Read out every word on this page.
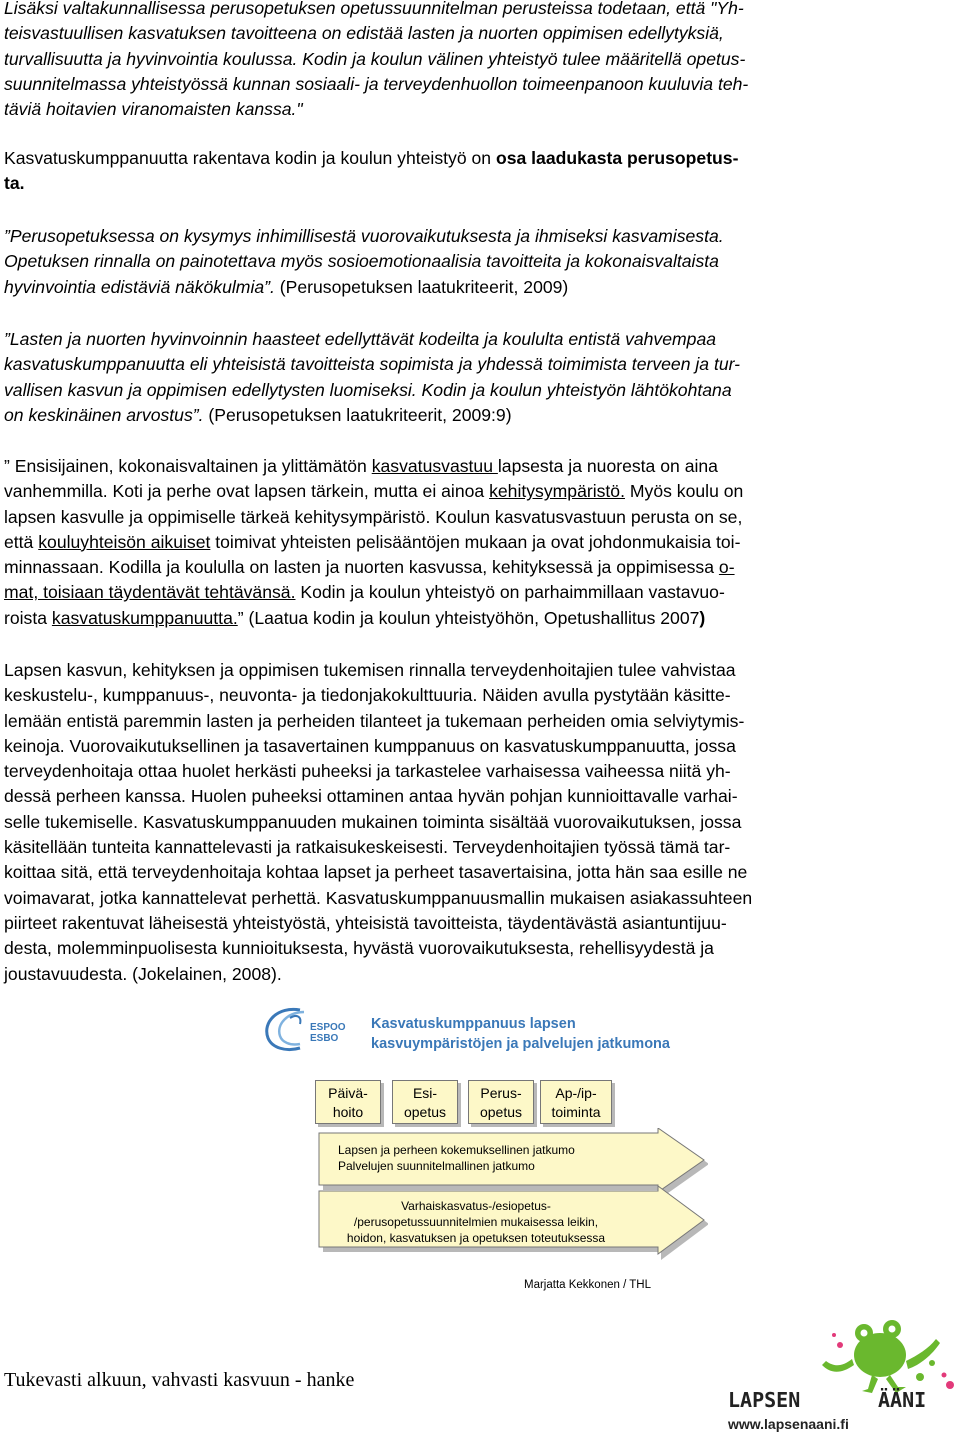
Lisäksi valtakunnallisessa perusopetuksen opetussuunnitelman perusteissa todetaan, että "Yh-
teisvastuullisen kasvatuksen tavoitteena on edistää lasten ja nuorten oppimisen edellytyksiä,
turvallisuutta ja hyvinvointia koulussa. Kodin ja koulun välinen yhteistyö tulee määritellä opetus-
suunnitelmassa yhteistyössä kunnan sosiaali- ja terveydenhuollon toimeenpanoon kuuluvia teh-
täviä hoitavien viranomaisten kanssa."
Kasvatuskumppanuutta rakentava kodin ja koulun yhteistyö on osa laadukasta perusopetus-
ta.
”Perusopetuksessa on kysymys inhimillisestä vuorovaikutuksesta ja ihmiseksi kasvamisesta.
Opetuksen rinnalla on painotettava myös sosioemotionaalisia tavoitteita ja kokonaisvaltaista
hyvinvointia edistäviä näkökulmia”. (Perusopetuksen laatukriteerit, 2009)
”Lasten ja nuorten hyvinvoinnin haasteet edellyttävät kodeilta ja koululta entistä vahvempaa
kasvatuskumppanuutta eli yhteisistä tavoitteista sopimista ja yhdessä toimimista terveen ja tur-
vallisen kasvun ja oppimisen edellytysten luomiseksi. Kodin ja koulun yhteistyön lähtökohtana
on keskinäinen arvostus”. (Perusopetuksen laatukriteerit, 2009:9)
” Ensisijainen, kokonaisvaltainen ja ylittämätön kasvatusvastuu lapsesta ja nuoresta on aina
vanhemmilla. Koti ja perhe ovat lapsen tärkein, mutta ei ainoa kehitysympäristö. Myös koulu on
lapsen kasvulle ja oppimiselle tärkeä kehitysympäristö. Koulun kasvatusvastuun perusta on se,
että kouluyhteisön aikuiset toimivat yhteisten pelisääntöjen mukaan ja ovat johdonmukaisia toi-
minnassaan. Kodilla ja koululla on lasten ja nuorten kasvussa, kehityksessä ja oppimisessa o-
mat, toisiaan täydentävät tehtävänsä. Kodin ja koulun yhteistyö on parhaimmillaan vastavuo-
roista kasvatuskumppanuutta.” (Laatua kodin ja koulun yhteistyöhön, Opetushallitus 2007)
Lapsen kasvun, kehityksen ja oppimisen tukemisen rinnalla terveydenhoitajien tulee vahvistaa
keskustelu-, kumppanuus-, neuvonta- ja tiedonjakokulttuuria. Näiden avulla pystytään käsitte-
lemään entistä paremmin lasten ja perheiden tilanteet ja tukemaan perheiden omia selviytymis-
keinoja. Vuorovaikutuksellinen ja tasavertainen kumppanuus on kasvatuskumppanuutta, jossa
terveydenhoitaja ottaa huolet herkästi puheeksi ja tarkastelee varhaisessa vaiheessa niitä yh-
dessä perheen kanssa. Huolen puheeksi ottaminen antaa hyvän pohjan kunnioittavalle varhai-
selle tukemiselle. Kasvatuskumppanuuden mukainen toiminta sisältää vuorovaikutuksen, jossa
käsitellään tunteita kannattelevasti ja ratkaisukeskeisesti. Terveydenhoitajien työssä tämä tar-
koittaa sitä, että terveydenhoitaja kohtaa lapset ja perheet tasavertaisina, jotta hän saa esille ne
voimavarat, jotka kannattelevat perhettä. Kasvatuskumppanuusmallin mukaisen asiakassuhteen
piirteet rakentuvat läheisestä yhteistyöstä, yhteisistä tavoitteista, täydentävästä asiantuntijuu-
desta, molemminpuolisesta kunnioituksesta, hyvästä vuorovaikutuksesta, rehellisyydestä ja
joustavuudesta. (Jokelainen, 2008).
ESPOO
ESBO
Kasvatuskumppanuus lapsen
kasvuympäristöjen ja palvelujen jatkumona
Päivä-
hoito
Esi-
opetus
Perus-
opetus
Ap-/ip-
toiminta
Lapsen ja perheen kokemuksellinen jatkumo
Palvelujen suunnitelmallinen jatkumo
Varhaiskasvatus-/esiopetus-
/perusopetussuunnitelmien mukaisessa leikin,
hoidon, kasvatuksen ja opetuksen toteutuksessa
Marjatta Kekkonen / THL
Tukevasti alkuun, vahvasti kasvuun - hanke
LAPSEN	ÄÄNI
www.lapsenaani.fi
